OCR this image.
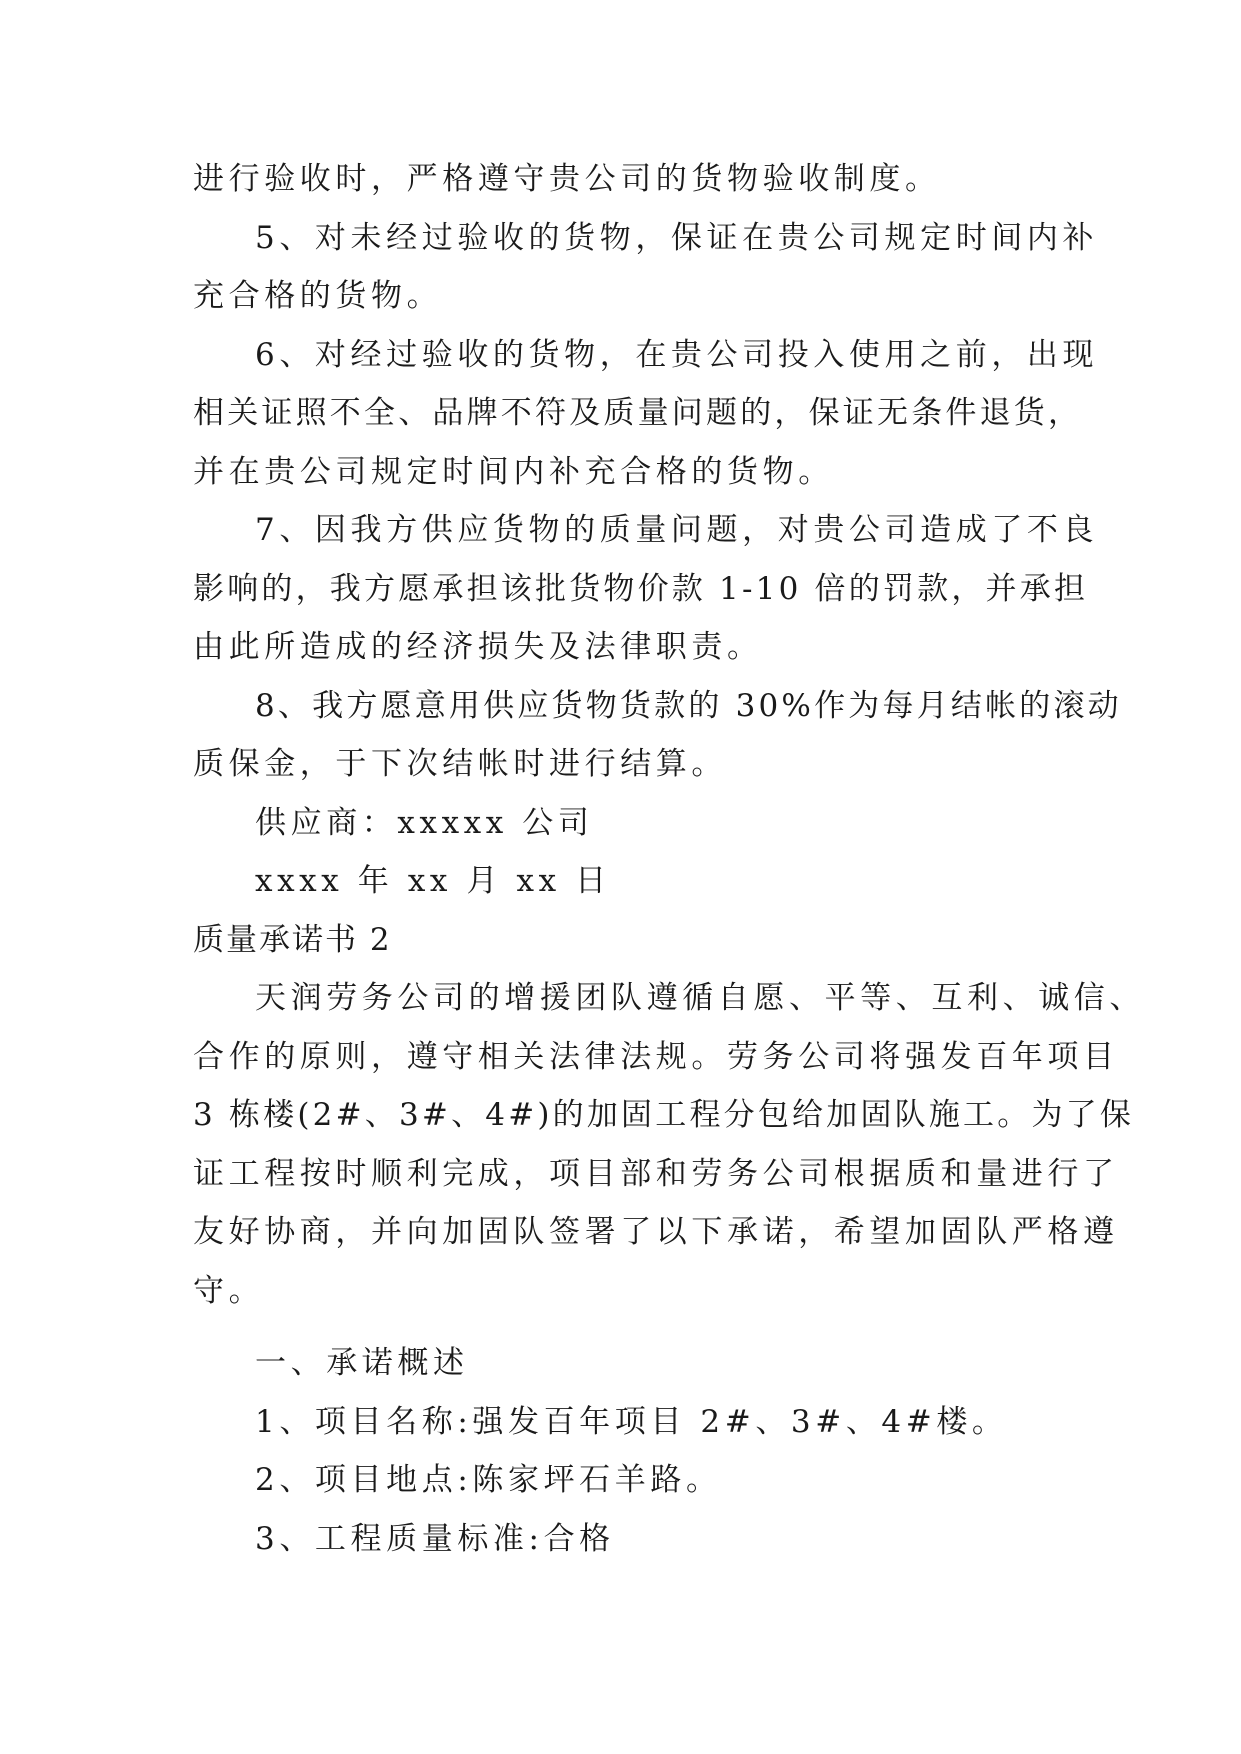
进行验收时，严格遵守贵公司的货物验收制度。
5、对未经过验收的货物，保证在贵公司规定时间内补
充合格的货物。
6、对经过验收的货物，在贵公司投入使用之前，出现
相关证照不全、品牌不符及质量问题的，保证无条件退货，
并在贵公司规定时间内补充合格的货物。
7、因我方供应货物的质量问题，对贵公司造成了不良
影响的，我方愿承担该批货物价款 1-10 倍的罚款，并承担
由此所造成的经济损失及法律职责。
8、我方愿意用供应货物货款的 30%作为每月结帐的滚动
质保金，于下次结帐时进行结算。
供应商：xxxxx 公司
xxxx 年 xx 月 xx 日
质量承诺书 2
天润劳务公司的增援团队遵循自愿、平等、互利、诚信、
合作的原则，遵守相关法律法规。劳务公司将强发百年项目
3 栋楼(2#、3#、4#)的加固工程分包给加固队施工。为了保
证工程按时顺利完成，项目部和劳务公司根据质和量进行了
友好协商，并向加固队签署了以下承诺，希望加固队严格遵
守。
一、承诺概述
1、项目名称:强发百年项目 2#、3#、4#楼。
2、项目地点:陈家坪石羊路。
3、工程质量标准:合格
